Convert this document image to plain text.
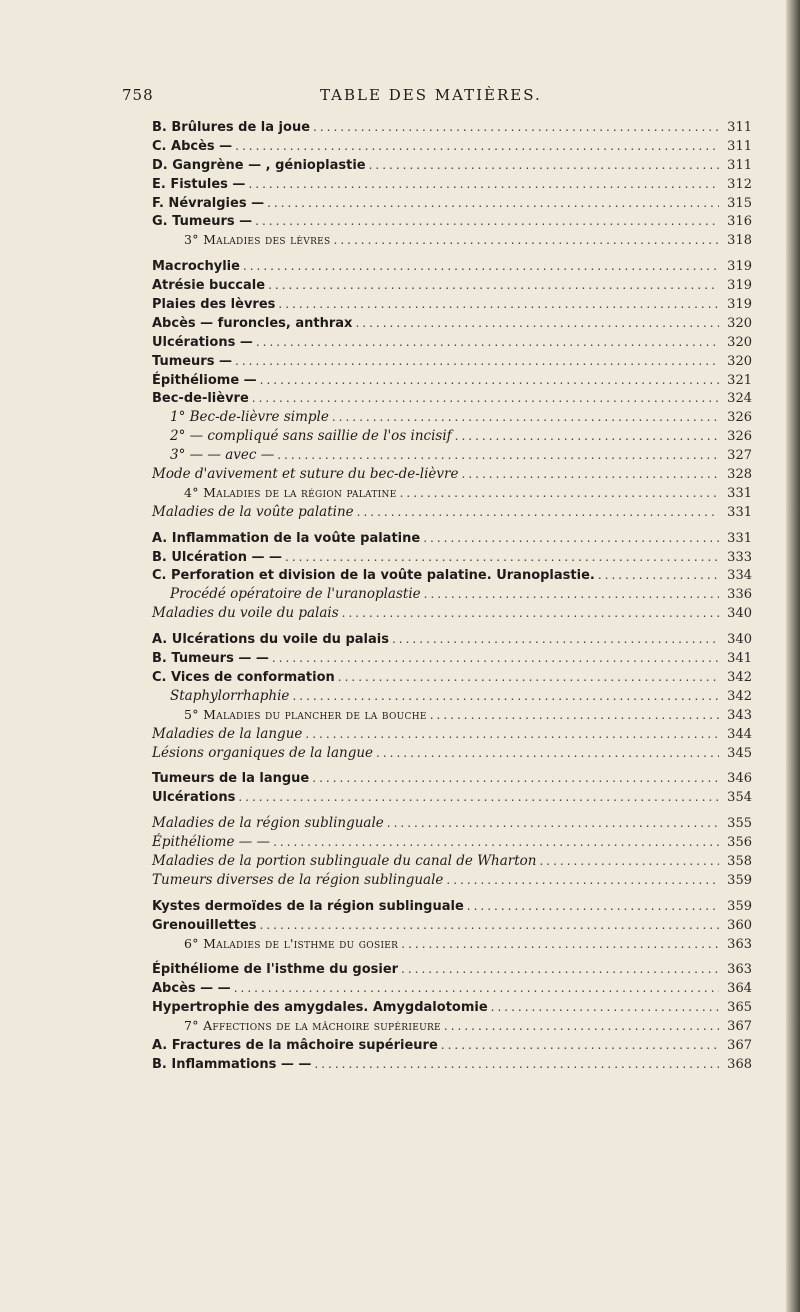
758	TABLE DES MATIÈRES.
B. Brûlures de la joue .....	311
C. Abcès — .....	311
D. Gangrène — , génioplastie .....	311
E. Fistules — .....	312
F. Névralgies — .....	315
G. Tumeurs — .....	316
3° Maladies des lèvres .....	318
Macrochylie .....	319
Atrésie buccale .....	319
Plaies des lèvres .....	319
Abcès — furoncles, anthrax .....	320
Ulcérations — .....	320
Tumeurs — .....	320
Épithéliome — .....	321
Bec-de-lièvre .....	324
1° Bec-de-lièvre simple .....	326
2° — compliqué sans saillie de l'os incisif .....	326
3° — — avec — .....	327
Mode d'avivement et suture du bec-de-lièvre .....	328
4° Maladies de la région palatine .....	331
Maladies de la voûte palatine .....	331
A. Inflammation de la voûte palatine .....	331
B. Ulcération — — .....	333
C. Perforation et division de la voûte palatine. Uranoplastie. .....	334
Procédé opératoire de l'uranoplastie .....	336
Maladies du voile du palais .....	340
A. Ulcérations du voile du palais .....	340
B. Tumeurs — — .....	341
C. Vices de conformation .....	342
Staphylorrhaphie .....	342
5° Maladies du plancher de la bouche .....	343
Maladies de la langue .....	344
Lésions organiques de la langue .....	345
Tumeurs de la langue .....	346
Ulcérations .....	354
Maladies de la région sublinguale .....	355
Épithéliome — — .....	356
Maladies de la portion sublinguale du canal de Wharton .....	358
Tumeurs diverses de la région sublinguale .....	359
Kystes dermoïdes de la région sublinguale .....	359
Grenouillettes .....	360
6° Maladies de l'isthme du gosier .....	363
Épithéliome de l'isthme du gosier .....	363
Abcès — — .....	364
Hypertrophie des amygdales. Amygdalotomie .....	365
7° Affections de la mâchoire supérieure .....	367
A. Fractures de la mâchoire supérieure .....	367
B. Inflammations — — .....	368
